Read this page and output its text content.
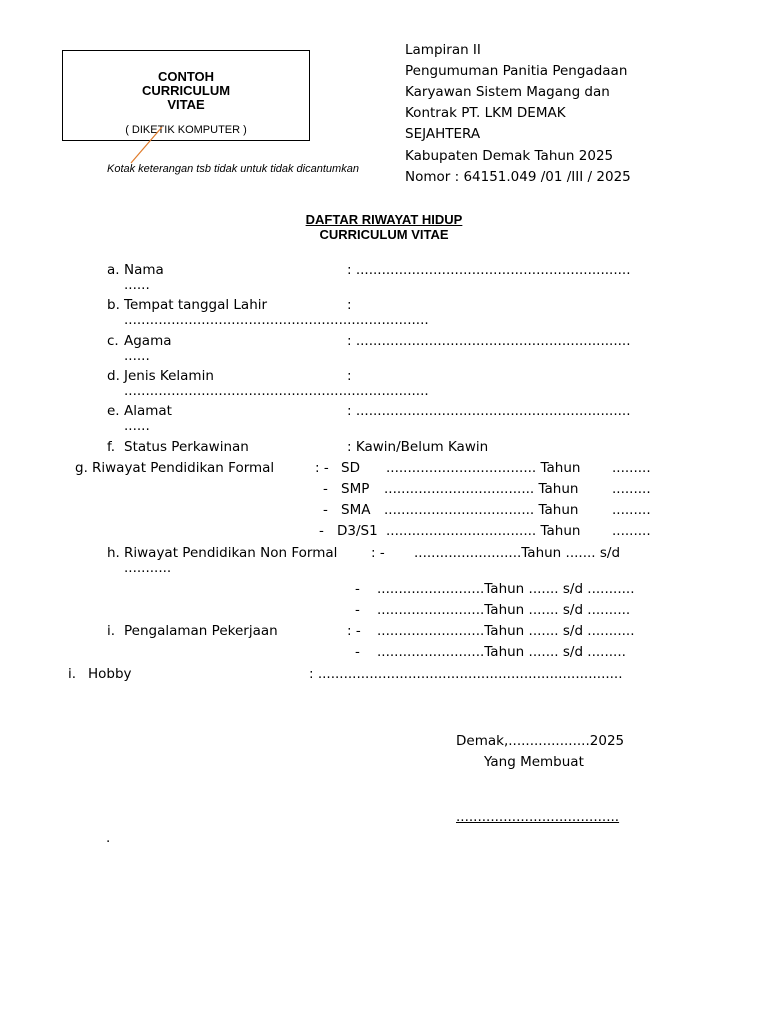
CONTOH
CURRICULUM
VITAE
( DIKETIK KOMPUTER )
Kotak keterangan tsb tidak untuk tidak dicantumkan
Lampiran II
Pengumuman Panitia Pengadaan
Karyawan Sistem Magang dan
Kontrak PT. LKM DEMAK
SEJAHTERA
Kabupaten Demak Tahun 2025
Nomor : 64151.049 /01 /III / 2025
DAFTAR RIWAYAT HIDUP
CURRICULUM VITAE
a. Nama	: ................................................................
......
b. Tempat tanggal Lahir	:
.......................................................................
c. Agama	: ................................................................
......
d. Jenis Kelamin	:
.......................................................................
e. Alamat	: ................................................................
......
f. Status Perkawinan	: Kawin/Belum Kawin
g. Riwayat Pendidikan Formal	: - SD ................................... Tahun .........
- SMP ................................... Tahun .........
- SMA ................................... Tahun .........
- D3/S1 ................................... Tahun .........
h. Riwayat Pendidikan Non Formal : - .........................Tahun ....... s/d
...........
- .........................Tahun ....... s/d ...........
- .........................Tahun ....... s/d ..........
i. Pengalaman Pekerjaan	: - .........................Tahun ....... s/d ...........
- .........................Tahun ....... s/d .........
i. Hobby	: .......................................................................
Demak,...................2025
Yang Membuat
......................................
.
